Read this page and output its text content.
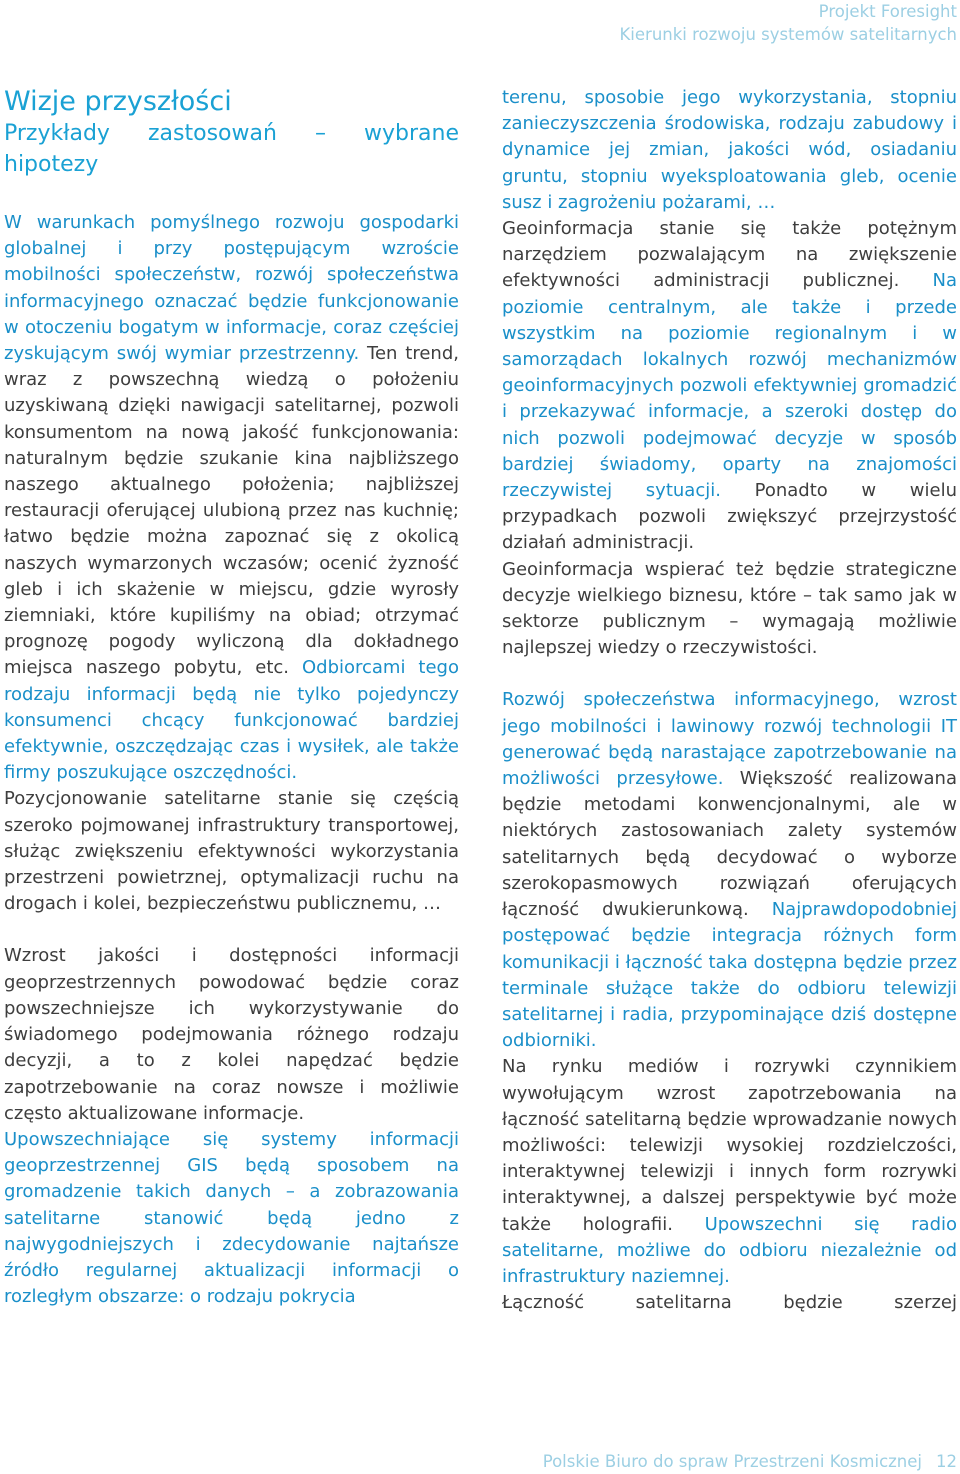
Projekt Foresight
Kierunki rozwoju systemów satelitarnych
Wizje przyszłości
Przykłady zastosowań – wybrane hipotezy

W warunkach pomyślnego rozwoju gospodarki globalnej i przy postępującym wzroście mobilności społeczeństw, rozwój społeczeństwa informacyjnego oznaczać będzie funkcjonowanie w otoczeniu bogatym w informacje, coraz częściej zyskującym swój wymiar przestrzenny. Ten trend, wraz z powszechną wiedzą o położeniu uzyskiwaną dzięki nawigacji satelitarnej, pozwoli konsumentom na nową jakość funkcjonowania: naturalnym będzie szukanie kina najbliższego naszego aktualnego położenia; najbliższej restauracji oferującej ulubioną przez nas kuchnię; łatwo będzie można zapoznać się z okolicą naszych wymarzonych wczasów; ocenić żyzność gleb i ich skażenie w miejscu, gdzie wyrosły ziemniaki, które kupiliśmy na obiad; otrzymać prognozę pogody wyliczoną dla dokładnego miejsca naszego pobytu, etc. Odbiorcami tego rodzaju informacji będą nie tylko pojedynczy konsumenci chcący funkcjonować bardziej efektywnie, oszczędzając czas i wysiłek, ale także firmy poszukujące oszczędności.

Pozycjonowanie satelitarne stanie się częścią szeroko pojmowanej infrastruktury transportowej, służąc zwiększeniu efektywności wykorzystania przestrzeni powietrznej, optymalizacji ruchu na drogach i kolei, bezpieczeństwu publicznemu, …

Wzrost jakości i dostępności informacji geoprzestrzennych powodować będzie coraz powszechniejsze ich wykorzystywanie do świadomego podejmowania różnego rodzaju decyzji, a to z kolei napędzać będzie zapotrzebowanie na coraz nowsze i możliwie często aktualizowane informacje.
Upowszechniające się systemy informacji geoprzestrzennej GIS będą sposobem na gromadzenie takich danych – a zobrazowania satelitarne stanowić będą jedno z najwygodniejszych i zdecydowanie najtańsze źródło regularnej aktualizacji informacji o rozległym obszarze: o rodzaju pokrycia

terenu, sposobie jego wykorzystania, stopniu zanieczyszczenia środowiska, rodzaju zabudowy i dynamice jej zmian, jakości wód, osiadaniu gruntu, stopniu wyeksploatowania gleb, ocenie susz i zagrożeniu pożarami, …
Geoinformacja stanie się także potężnym narzędziem pozwalającym na zwiększenie efektywności administracji publicznej. Na poziomie centralnym, ale także i przede wszystkim na poziomie regionalnym i w samorządach lokalnych rozwój mechanizmów geoinformacyjnych pozwoli efektywniej gromadzić i przekazywać informacje, a szeroki dostęp do nich pozwoli podejmować decyzje w sposób bardziej świadomy, oparty na znajomości rzeczywistej sytuacji. Ponadto w wielu przypadkach pozwoli zwiększyć przejrzystość działań administracji.

Geoinformacja wspierać też będzie strategiczne decyzje wielkiego biznesu, które – tak samo jak w sektorze publicznym – wymagają możliwie najlepszej wiedzy o rzeczywistości.

Rozwój społeczeństwa informacyjnego, wzrost jego mobilności i lawinowy rozwój technologii IT generować będą narastające zapotrzebowanie na możliwości przesyłowe. Większość realizowana będzie metodami konwencjonalnymi, ale w niektórych zastosowaniach zalety systemów satelitarnych będą decydować o wyborze szerokopasmowych rozwiązań oferujących łączność dwukierunkową. Najprawdopodobniej postępować będzie integracja różnych form komunikacji i łączność taka dostępna będzie przez terminale służące także do odbioru telewizji satelitarnej i radia, przypominające dziś dostępne odbiorniki.

Na rynku mediów i rozrywki czynnikiem wywołującym wzrost zapotrzebowania na łączność satelitarną będzie wprowadzanie nowych możliwości: telewizji wysokiej rozdzielczości, interaktywnej telewizji i innych form rozrywki interaktywnej, a dalszej perspektywie być może także holografii. Upowszechni się radio satelitarne, możliwe do odbioru niezależnie od infrastruktury naziemnej.

Łączność satelitarna będzie szerzej

Polskie Biuro do spraw Przestrzeni Kosmicznej 12
